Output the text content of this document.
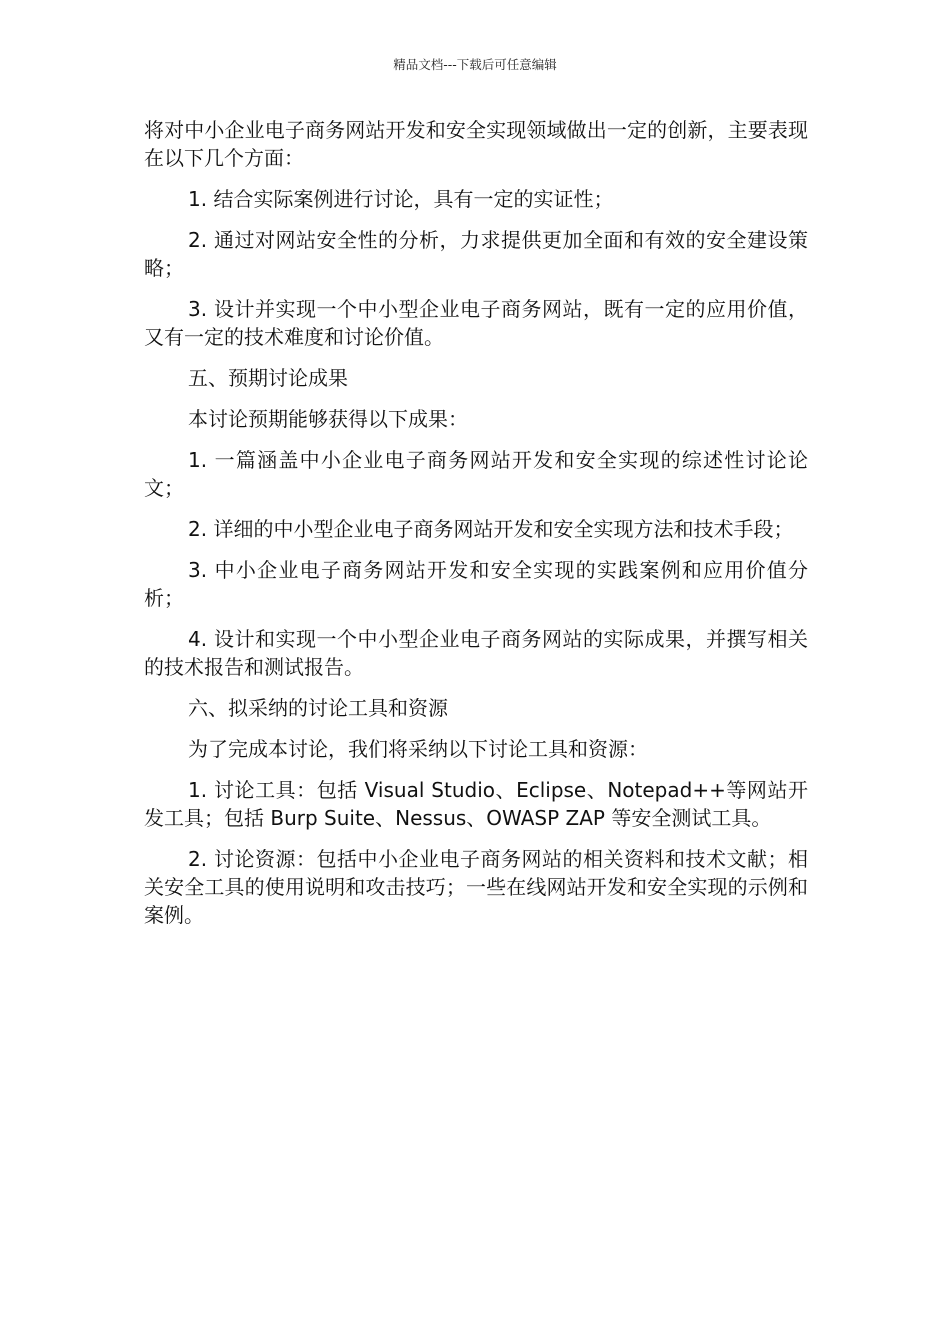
精品文档---下载后可任意编辑

将对中小企业电子商务网站开发和安全实现领域做出一定的创新，主要表现在以下几个方面：

1. 结合实际案例进行讨论，具有一定的实证性；

2. 通过对网站安全性的分析，力求提供更加全面和有效的安全建设策略；

3. 设计并实现一个中小型企业电子商务网站，既有一定的应用价值，又有一定的技术难度和讨论价值。

五、预期讨论成果

本讨论预期能够获得以下成果：

1. 一篇涵盖中小企业电子商务网站开发和安全实现的综述性讨论论文；

2. 详细的中小型企业电子商务网站开发和安全实现方法和技术手段；

3. 中小企业电子商务网站开发和安全实现的实践案例和应用价值分析；

4. 设计和实现一个中小型企业电子商务网站的实际成果，并撰写相关的技术报告和测试报告。

六、拟采纳的讨论工具和资源

为了完成本讨论，我们将采纳以下讨论工具和资源：

1. 讨论工具：包括 Visual Studio、Eclipse、Notepad++等网站开发工具；包括 Burp Suite、Nessus、OWASP ZAP 等安全测试工具。

2. 讨论资源：包括中小企业电子商务网站的相关资料和技术文献；相关安全工具的使用说明和攻击技巧；一些在线网站开发和安全实现的示例和案例。
